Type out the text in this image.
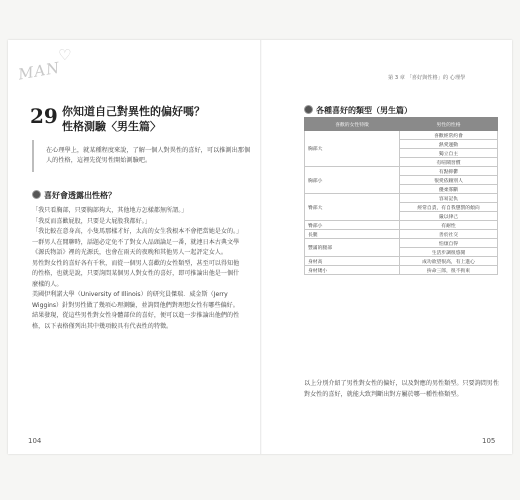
MAN
♡
29 你知道自己對異性的偏好嗎？
性格測驗〈男生篇〉
在心理學上，就某種程度來說，了解一個人對異性的喜好，可以推測出那個人的性格，這裡先從男性開始測驗吧。
喜好會透露出性格？

「我只看胸部，只要胸部夠大，其他地方怎樣都無所謂。」

「我反而喜歡屁股，只要是大屁股我都好。」

「我比較在意身高，小隻馬那樣才好，太高的女生我根本不會把當她是女的。」

一群男人在閒聊時，話題必定免不了對女人品頭論足一番，就連日本古典文學《源氏物語》裡的光源氏，也會在雨天的夜晚和其他男人一起評定女人。

男性對女性的喜好各有千秋，而從一個男人喜歡的女性類型，甚至可以得知他的性格，也就是說，只要詢問某個男人對女性的喜好，即可推論出他是一個什麼樣的人。

美國伊利諾大學（University of Illinois）的研究員傑瑞．威金斯（Jerry Wiggins）針對男性做了幾項心理測驗，並詢問他們對理想女性有哪些偏好。結果發現，從這些男性對女性身體部位的喜好，便可以進一步推論出他們的性格，以下表格僅列出其中幾項較具有代表性的特徵。

104
第 3 章 「喜好與性格」的 心理學
各種喜好的類型（男生篇）
喜歡的女性特徵	男性的性格
胸部大	喜歡經常約會
	熱愛運動
	獨立自主
	有喧鬧習慣
胸部小	有點抑鬱
	很愛依賴別人
	優柔寡斷
臀部大	容易記仇
	經常自責，有自我懲罰的傾向
	嚴以律己
臀部小	有耐性
長腿	善於社交
豐滿的腿部	怕煩自得
	生活步調很悠閒
身材高	成功欲望很高，有上進心
身材矮小	拚命三郎，很不拘束
以上分別介紹了男性對女性的偏好，以及對應的男性類型。只要詢問男性對女性的喜好，就能大致判斷出對方屬於哪一種性格類型。
105
